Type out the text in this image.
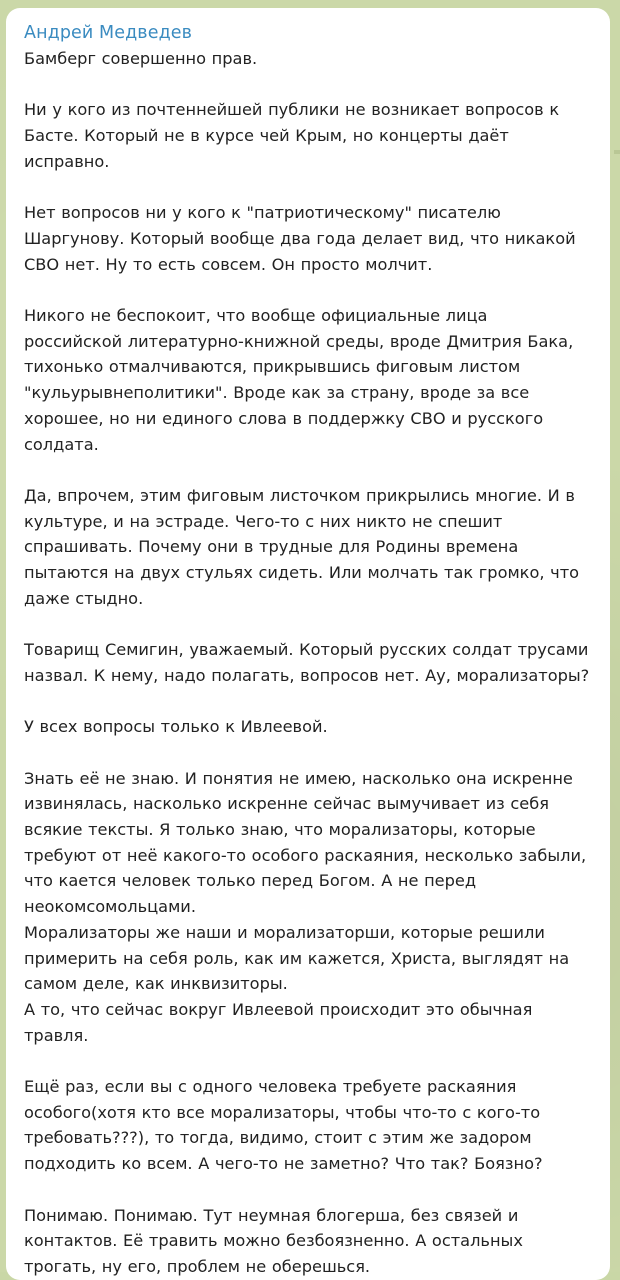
Андрей Медведев
Бамберг совершенно прав.
Ни у кого из почтеннейшей публики не возникает вопросов к
Басте. Который не в курсе чей Крым, но концерты даёт
исправно.
Нет вопросов ни у кого к "патриотическому" писателю
Шаргунову. Который вообще два года делает вид, что никакой
СВО нет. Ну то есть совсем. Он просто молчит.
Никого не беспокоит, что вообще официальные лица
российской литературно-книжной среды, вроде Дмитрия Бака,
тихонько отмалчиваются, прикрывшись фиговым листом
"кульурывнеполитики". Вроде как за страну, вроде за все
хорошее, но ни единого слова в поддержку СВО и русского
солдата.
Да, впрочем, этим фиговым листочком прикрылись многие. И в
культуре, и на эстраде. Чего-то с них никто не спешит
спрашивать. Почему они в трудные для Родины времена
пытаются на двух стульях сидеть. Или молчать так громко, что
даже стыдно.
Товарищ Семигин, уважаемый. Который русских солдат трусами
назвал. К нему, надо полагать, вопросов нет. Ау, морализаторы?
У всех вопросы только к Ивлеевой.
Знать её не знаю. И понятия не имею, насколько она искренне
извинялась, насколько искренне сейчас вымучивает из себя
всякие тексты. Я только знаю, что морализаторы, которые
требуют от неё какого-то особого раскаяния, несколько забыли,
что кается человек только перед Богом. А не перед
неокомсомольцами.
Морализаторы же наши и морализаторши, которые решили
примерить на себя роль, как им кажется, Христа, выглядят на
самом деле, как инквизиторы.
А то, что сейчас вокруг Ивлеевой происходит это обычная
травля.
Ещё раз, если вы с одного человека требуете раскаяния
особого(хотя кто все морализаторы, чтобы что-то с кого-то
требовать???), то тогда, видимо, стоит с этим же задором
подходить ко всем. А чего-то не заметно? Что так? Боязно?
Понимаю. Понимаю. Тут неумная блогерша, без связей и
контактов. Её травить можно безбоязненно. А остальных
трогать, ну его, проблем не оберешься.
